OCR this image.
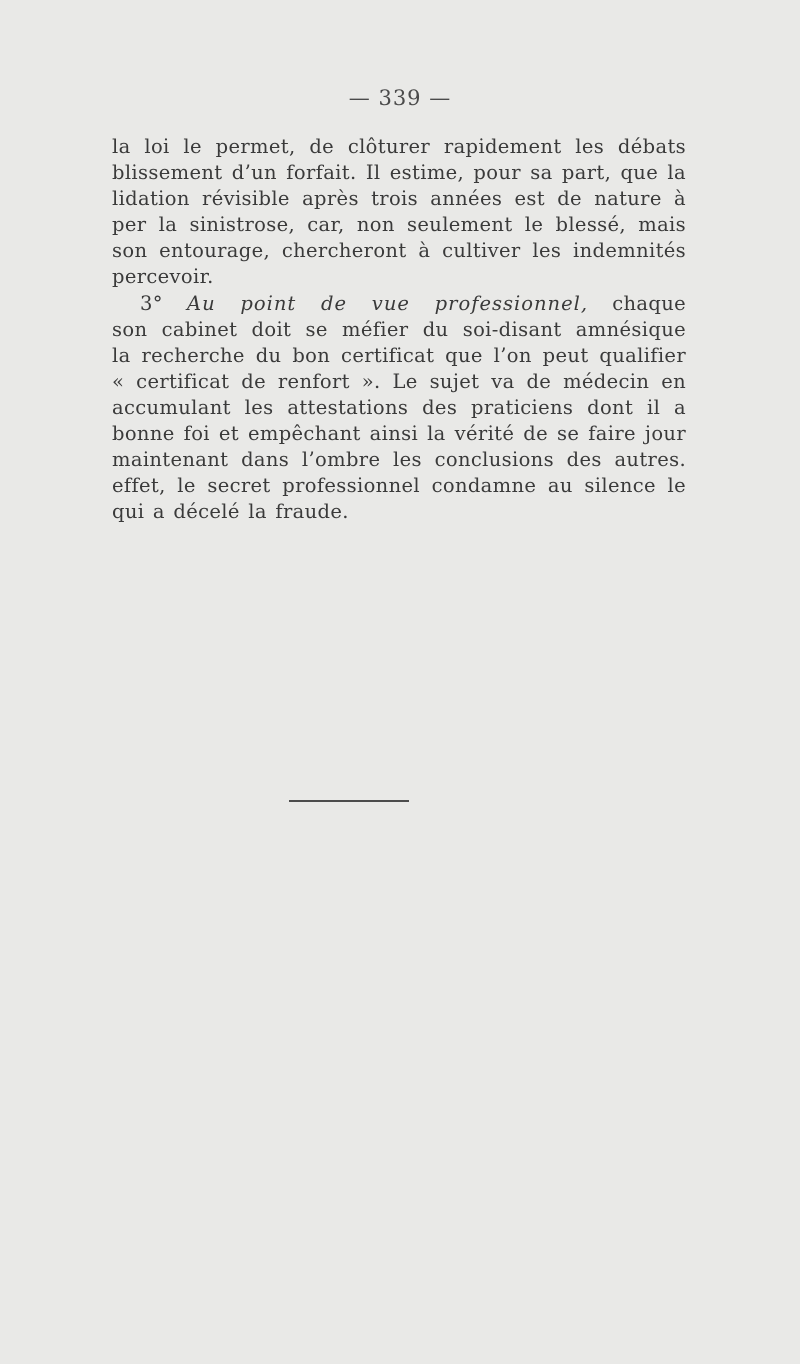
— 339 —
la loi le permet, de clôturer rapidement les débats
blissement d’un forfait. Il estime, pour sa part, que la
lidation révisible après trois années est de nature à
per la sinistrose, car, non seulement le blessé, mais
son entourage, chercheront à cultiver les indemnités
percevoir.
3° Au point de vue professionnel, chaque
son cabinet doit se méfier du soi-disant amnésique
la recherche du bon certificat que l’on peut qualifier
« certificat de renfort ». Le sujet va de médecin en
accumulant les attestations des praticiens dont il a
bonne foi et empêchant ainsi la vérité de se faire jour
maintenant dans l’ombre les conclusions des autres.
effet, le secret professionnel condamne au silence le
qui a décelé la fraude.
